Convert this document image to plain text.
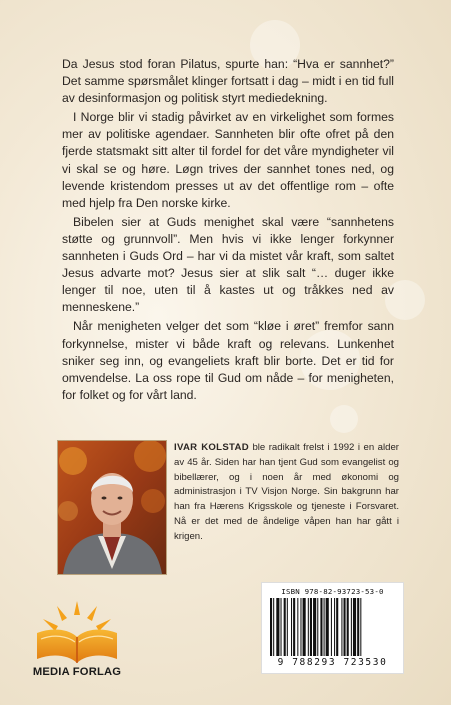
Da Jesus stod foran Pilatus, spurte han: “Hva er sannhet?” Det samme spørsmålet klinger fortsatt i dag – midt i en tid full av desinformasjon og politisk styrt mediedekning.

I Norge blir vi stadig påvirket av en virkelighet som formes mer av politiske agendaer. Sannheten blir ofte ofret på den fjerde statsmakt sitt alter til fordel for det våre myndigheter vil vi skal se og høre. Løgn trives der sannhet tones ned, og levende kristendom presses ut av det offentlige rom – ofte med hjelp fra Den norske kirke.

Bibelen sier at Guds menighet skal være “sannhetens støtte og grunnvoll”. Men hvis vi ikke lenger forkynner sannheten i Guds Ord – har vi da mistet vår kraft, som saltet Jesus advarte mot? Jesus sier at slik salt “… duger ikke lenger til noe, uten til å kastes ut og tråkkes ned av menneskene.”

Når menigheten velger det som “kløe i øret” fremfor sann forkynnelse, mister vi både kraft og relevans. Lunkenhet sniker seg inn, og evangeliets kraft blir borte. Det er tid for omvendelse. La oss rope til Gud om nåde – for menigheten, for folket og for vårt land.

IVAR KOLSTAD ble radikalt frelst i 1992 i en alder av 45 år. Siden har han tjent Gud som evangelist og bibellærer, og i noen år med økonomi og administrasjon i TV Visjon Norge. Sin bakgrunn har han fra Hærens Krigsskole og tjeneste i Forsvaret. Nå er det med de åndelige våpen han har gått i krigen.
ISBN 978-82-93723-53-0
9 788293 723530
MEDIA FORLAG
